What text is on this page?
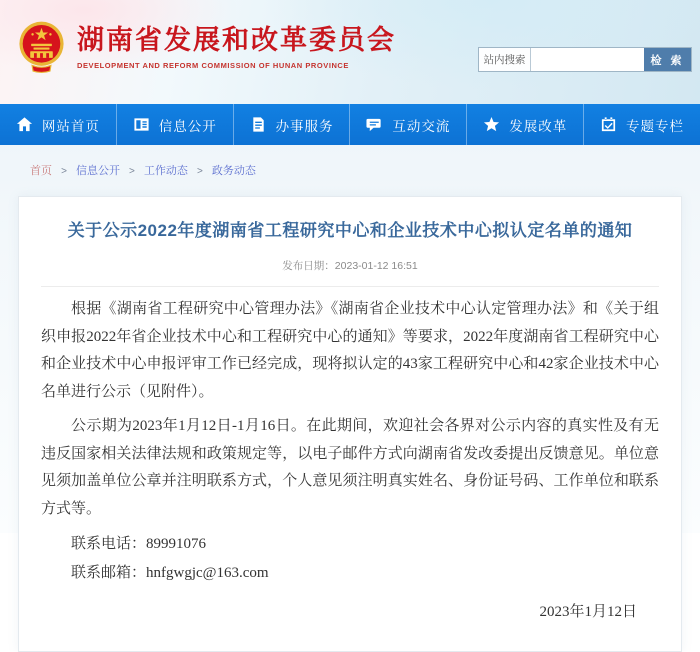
湖南省发展和改革委员会
DEVELOPMENT AND REFORM COMMISSION OF HUNAN PROVINCE	站内搜索	检 索
网站首页	信息公开	办事服务	互动交流	发展改革	专题专栏
首页 > 信息公开 > 工作动态 > 政务动态
关于公示2022年度湖南省工程研究中心和企业技术中心拟认定名单的通知
发布日期：2023-01-12 16:51

根据《湖南省工程研究中心管理办法》《湖南省企业技术中心认定管理办法》和《关于组织申报2022年省企业技术中心和工程研究中心的通知》等要求，2022年度湖南省工程研究中心和企业技术中心申报评审工作已经完成，现将拟认定的43家工程研究中心和42家企业技术中心名单进行公示（见附件）。

公示期为2023年1月12日-1月16日。在此期间，欢迎社会各界对公示内容的真实性及有无违反国家相关法律法规和政策规定等，以电子邮件方式向湖南省发改委提出反馈意见。单位意见须加盖单位公章并注明联系方式，个人意见须注明真实姓名、身份证号码、工作单位和联系方式等。

联系电话：89991076

联系邮箱：hnfgwgjc@163.com

2023年1月12日
